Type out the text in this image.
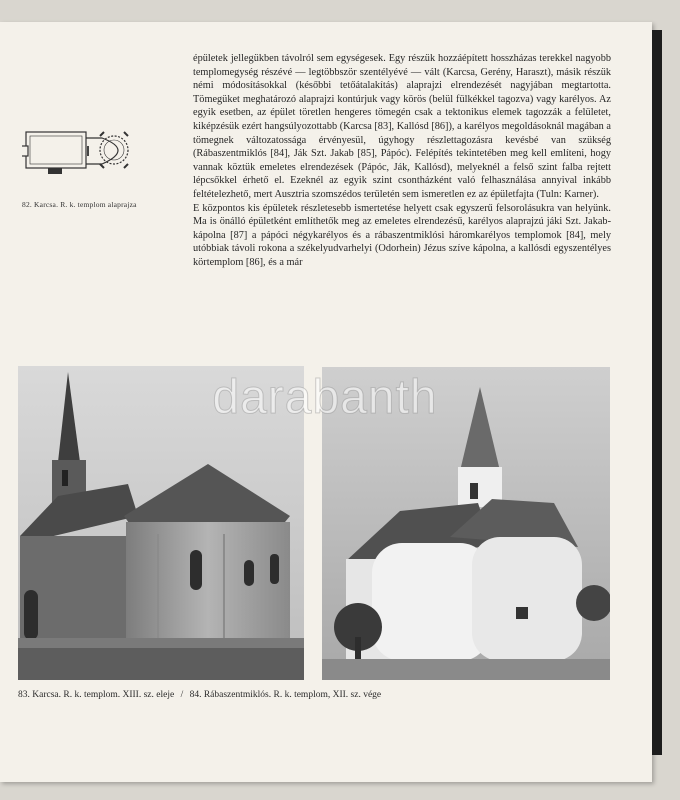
82. Karcsa. R. k. templom alaprajza

épületek jellegükben távolról sem egységesek. Egy részük hozzáépített hosszházas terekkel nagyobb templomegység részévé — legtöbbször szentélyévé — vált (Karcsa, Gerény, Haraszt), másik részük némi módosításokkal (későbbi tetőátalakítás) alaprajzi elrendezését nagyjában megtartotta. Tömegüket meghatározó alaprajzi kontúrjuk vagy körös (belül fülkékkel tagozva) vagy karélyos. Az egyik esetben, az épület töretlen hengeres tömegén csak a tektonikus elemek tagozzák a felületet, kiképzésük ezért hangsúlyozottabb (Karcsa [83], Kallósd [86]), a karélyos megoldásoknál magában a tömegnek változatossága érvényesül, úgyhogy részlettagozásra kevésbé van szükség (Rábaszentmiklós [84], Ják Szt. Jakab [85], Pápóc). Felépítés tekintetében meg kell említeni, hogy vannak köztük emeletes elrendezések (Pápóc, Ják, Kallósd), melyeknél a felső szint falba rejtett lépcsőkkel érhető el. Ezeknél az egyik szint csontházként való felhasználása annyival inkább feltételezhető, mert Ausztria szomszédos területén sem ismeretlen ez az épületfajta (Tuln: Karner).

E központos kis épületek részletesebb ismertetése helyett csak egyszerű felsorolásukra van helyünk. Ma is önálló épületként említhetők meg az emeletes elrendezésű, karélyos alaprajzú jáki Szt. Jakab-kápolna [87] a pápóci négykarélyos és a rábaszentmiklósi háromkarélyos templomok [84], mely utóbbiak távoli rokona a székelyudvarhelyi (Odorhein) Jézus szíve kápolna, a kallósdi egyszentélyes körtemplom [86], és a már

darabanth
83. Karcsa. R. k. templom. XIII. sz. eleje / 84. Rábaszentmiklós. R. k. templom, XII. sz. vége
